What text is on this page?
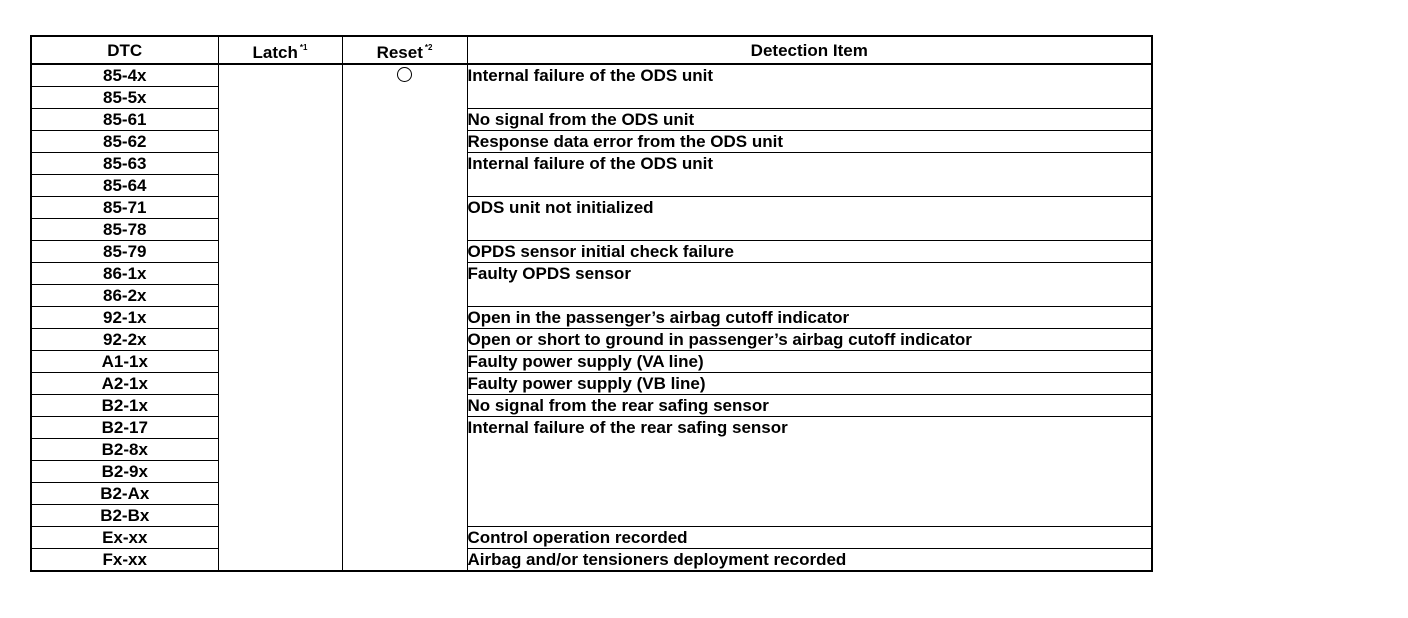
DTC	Latch $^{*1}$	Reset $^{*2}$	Detection Item
85-4x			Internal failure of the ODS unit
85-5x			
85-61			No signal from the ODS unit
85-62			Response data error from the ODS unit
85-63			Internal failure of the ODS unit
85-64			
85-71			ODS unit not initialized
85-78			
85-79			OPDS sensor initial check failure
86-1x			Faulty OPDS sensor
86-2x			
92-1x			Open in the passenger’s airbag cutoff indicator
92-2x			Open or short to ground in passenger’s airbag cutoff indicator
A1-1x			Faulty power supply (VA line)
A2-1x			Faulty power supply (VB line)
B2-1x			No signal from the rear safing sensor
B2-17			Internal failure of the rear safing sensor
B2-8x			
B2-9x			
B2-Ax			
B2-Bx			
Ex-xx			Control operation recorded
Fx-xx			Airbag and/or tensioners deployment recorded
